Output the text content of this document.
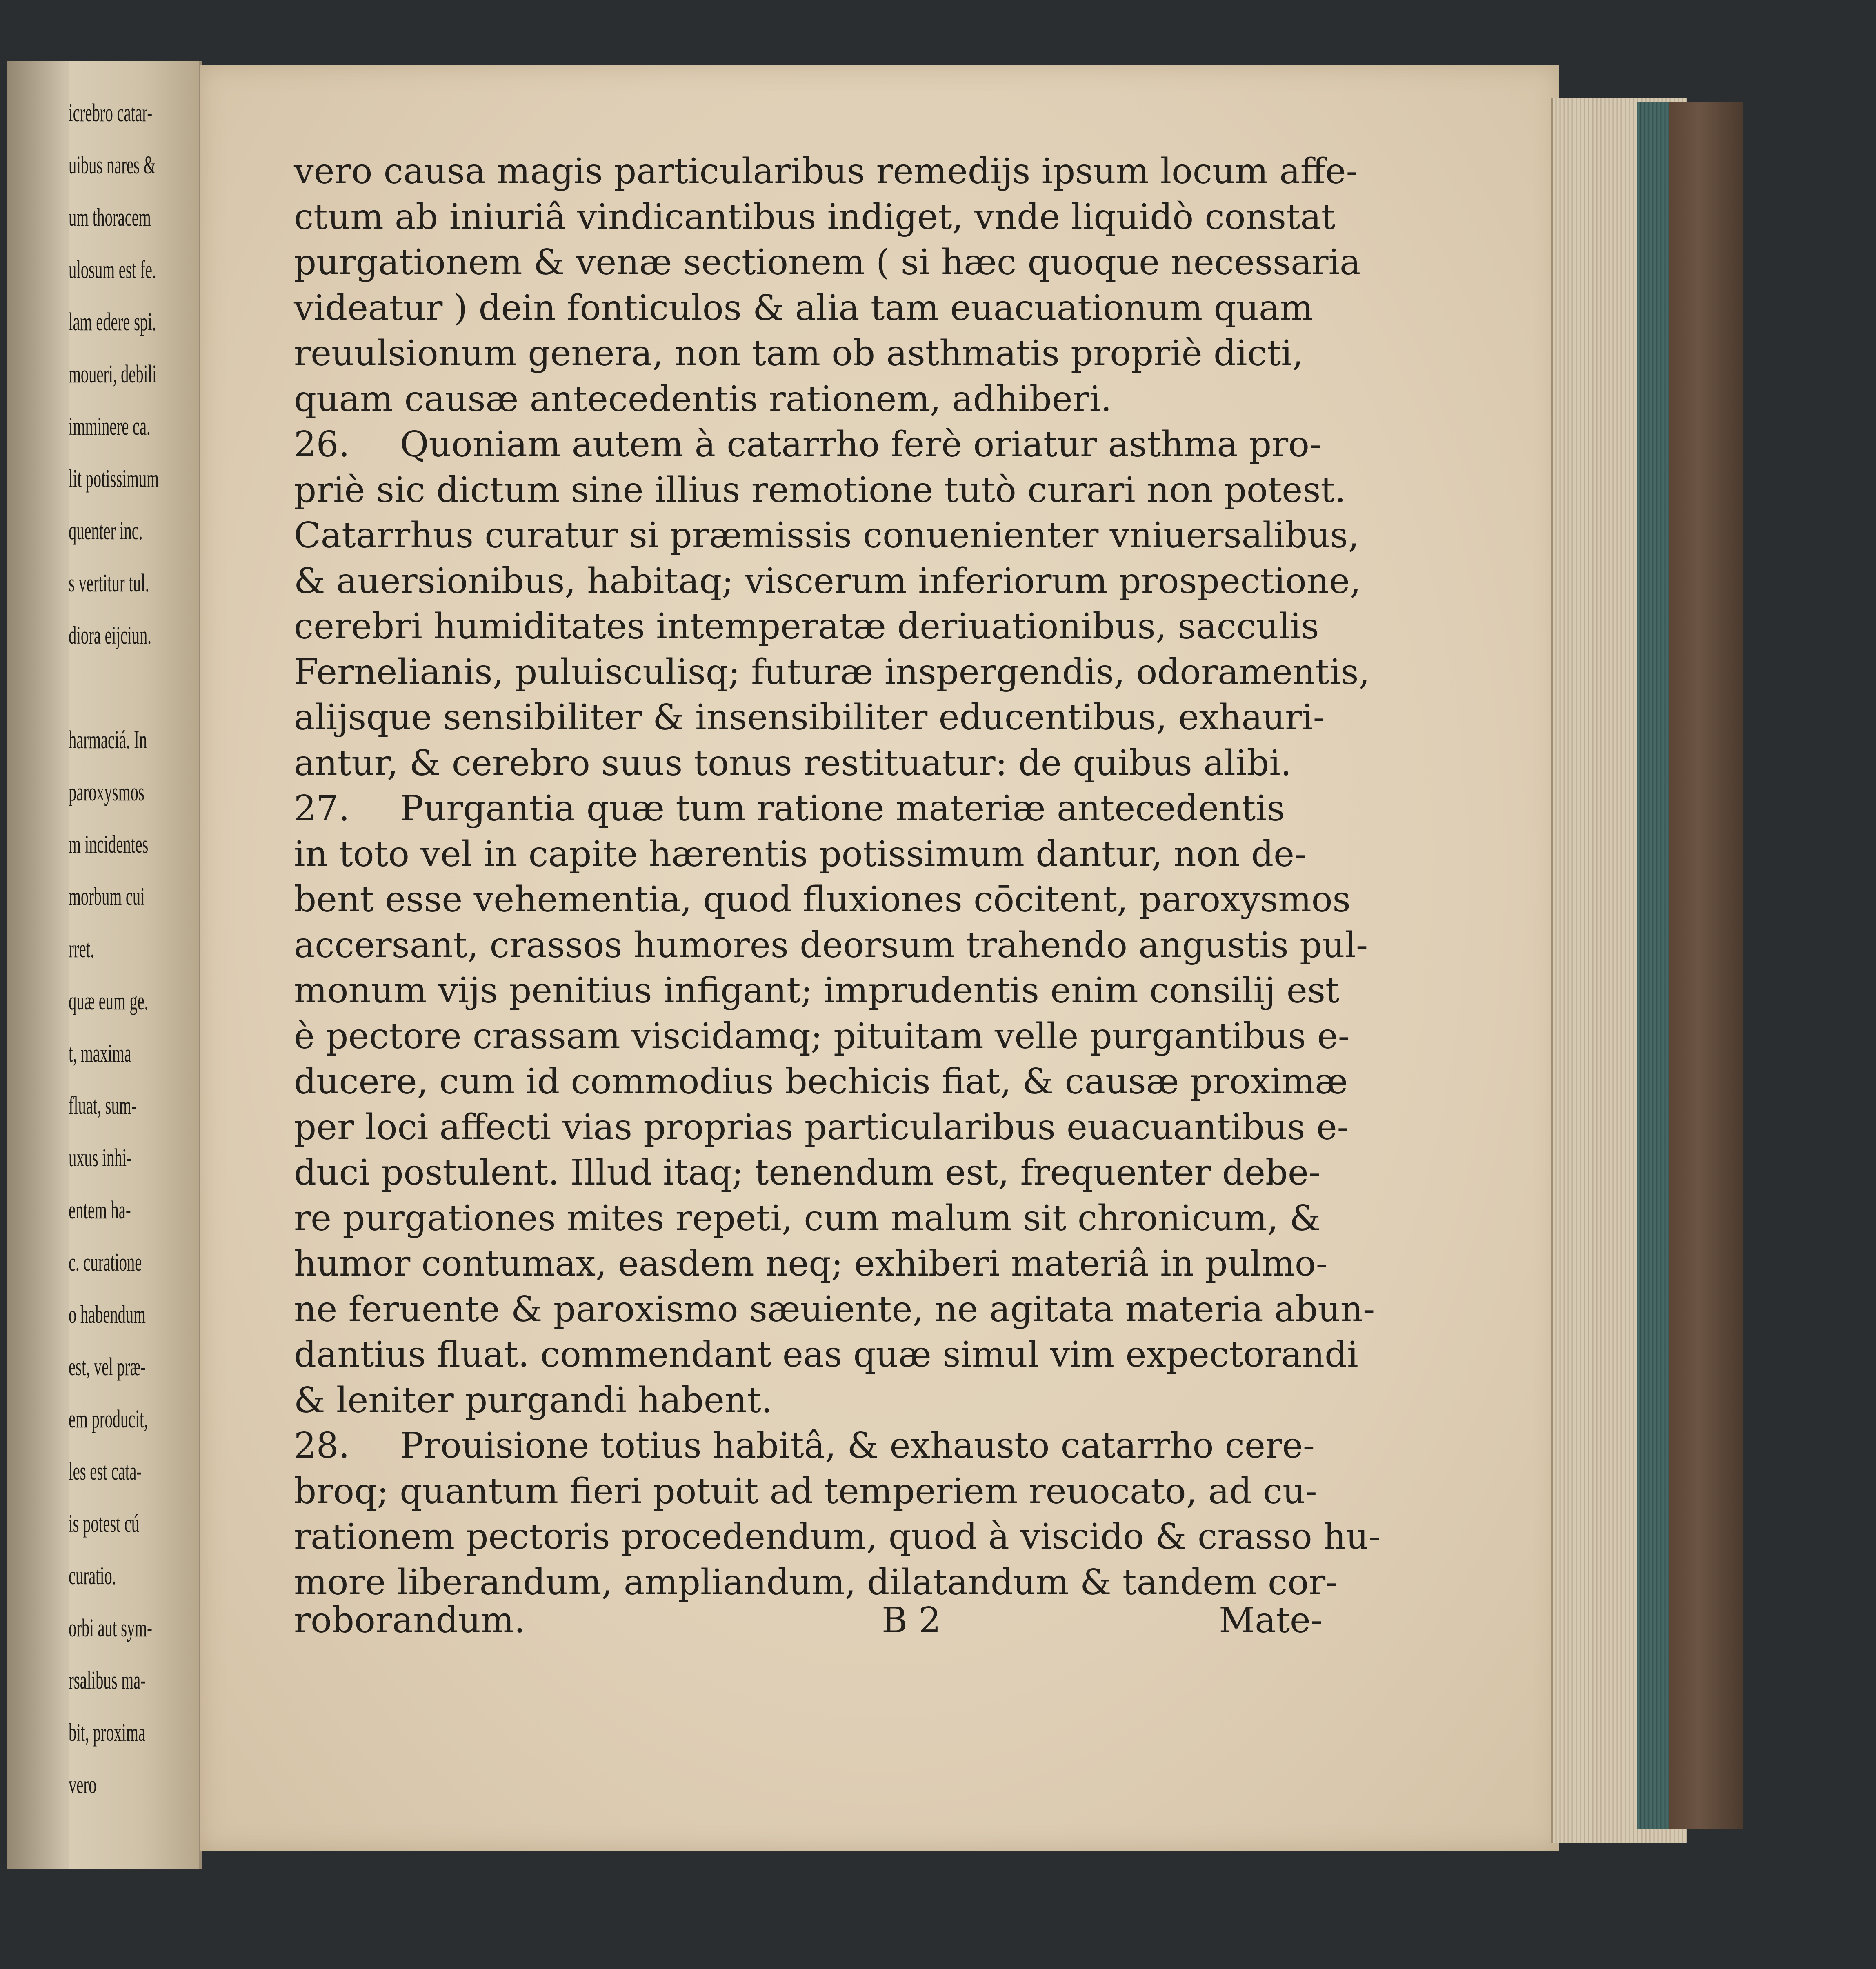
icrebro catar-
uibus nares &
um thoracem
ulosum est fe.
lam edere spi.
moueri, debili
imminere ca.
lit potissimum
quenter inc.
s vertitur tul.
diora eijciun.
harmaciá. In
paroxysmos
m incidentes
morbum cui
rret.
quæ eum ge.
t, maxima
fluat, sum-
uxus inhi-
entem ha-
c. curatione
o habendum
est, vel præ-
em producit,
les est cata-
is potest cú
curatio.
orbi aut sym-
rsalibus ma-
bit, proxima
vero
vero causa magis particularibus remedijs ipsum locum affe-
ctum ab iniuriâ vindicantibus indiget, vnde liquidò constat
purgationem & venæ sectionem ( si hæc quoque necessaria
videatur ) dein fonticulos & alia tam euacuationum quam
reuulsionum genera, non tam ob asthmatis propriè dicti,
quam causæ antecedentis rationem, adhiberi.
26. Quoniam autem à catarrho ferè oriatur asthma pro-
priè sic dictum sine illius remotione tutò curari non potest.
Catarrhus curatur si præmissis conuenienter vniuersalibus,
& auersionibus, habitaq; viscerum inferiorum prospectione,
cerebri humiditates intemperatæ deriuationibus, sacculis
Fernelianis, puluisculisq; futuræ inspergendis, odoramentis,
alijsque sensibiliter & insensibiliter educentibus, exhauri-
antur, & cerebro suus tonus restituatur: de quibus alibi.
27. Purgantia quæ tum ratione materiæ antecedentis
in toto vel in capite hærentis potissimum dantur, non de-
bent esse vehementia, quod fluxiones cōcitent, paroxysmos
accersant, crassos humores deorsum trahendo angustis pul-
monum vijs penitius infigant; imprudentis enim consilij est
è pectore crassam viscidamq; pituitam velle purgantibus e-
ducere, cum id commodius bechicis fiat, & causæ proximæ
per loci affecti vias proprias particularibus euacuantibus e-
duci postulent. Illud itaq; tenendum est, frequenter debe-
re purgationes mites repeti, cum malum sit chronicum, &
humor contumax, easdem neq; exhiberi materiâ in pulmo-
ne feruente & paroxismo sæuiente, ne agitata materia abun-
dantius fluat. commendant eas quæ simul vim expectorandi
& leniter purgandi habent.
28. Prouisione totius habitâ, & exhausto catarrho cere-
broq; quantum fieri potuit ad temperiem reuocato, ad cu-
rationem pectoris procedendum, quod à viscido & crasso hu-
more liberandum, ampliandum, dilatandum & tandem cor-
roborandum.	B 2	Mate-
